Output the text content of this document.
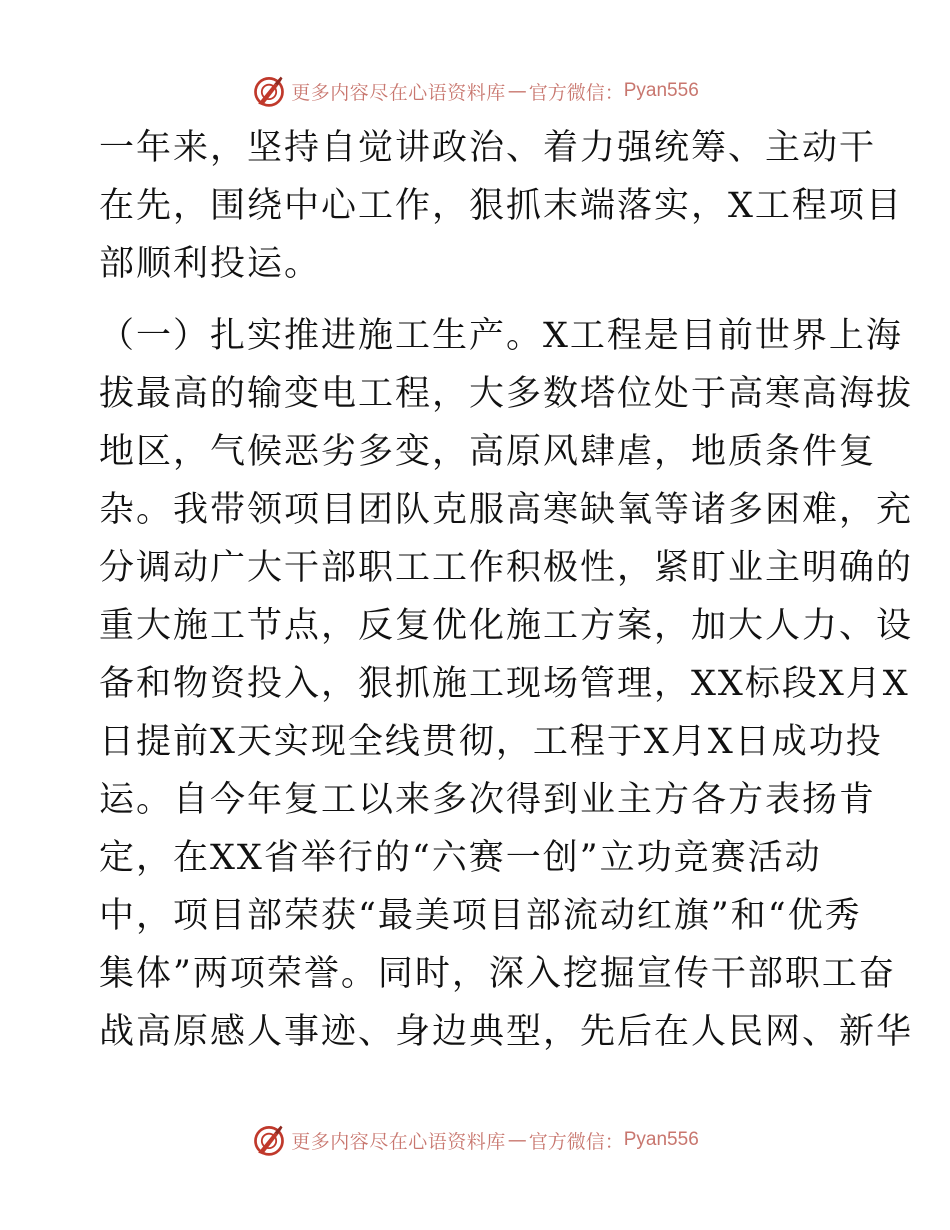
更多内容尽在心语资料库 — 官方微信： Pyan556

一年来，坚持自觉讲政治、着力强统筹、主动干
在先，围绕中心工作，狠抓末端落实，X工程项目
部顺利投运。

（一）扎实推进施工生产。X工程是目前世界上海
拔最高的输变电工程，大多数塔位处于高寒高海拔
地区，气候恶劣多变，高原风肆虐，地质条件复
杂。我带领项目团队克服高寒缺氧等诸多困难，充
分调动广大干部职工工作积极性，紧盯业主明确的
重大施工节点，反复优化施工方案，加大人力、设
备和物资投入，狠抓施工现场管理，XX标段X月X
日提前X天实现全线贯彻，工程于X月X日成功投
运。自今年复工以来多次得到业主方各方表扬肯
定，在XX省举行的“六赛一创”立功竞赛活动
中，项目部荣获“最美项目部流动红旗”和“优秀
集体”两项荣誉。同时，深入挖掘宣传干部职工奋
战高原感人事迹、身边典型，先后在人民网、新华

更多内容尽在心语资料库 — 官方微信： Pyan556
